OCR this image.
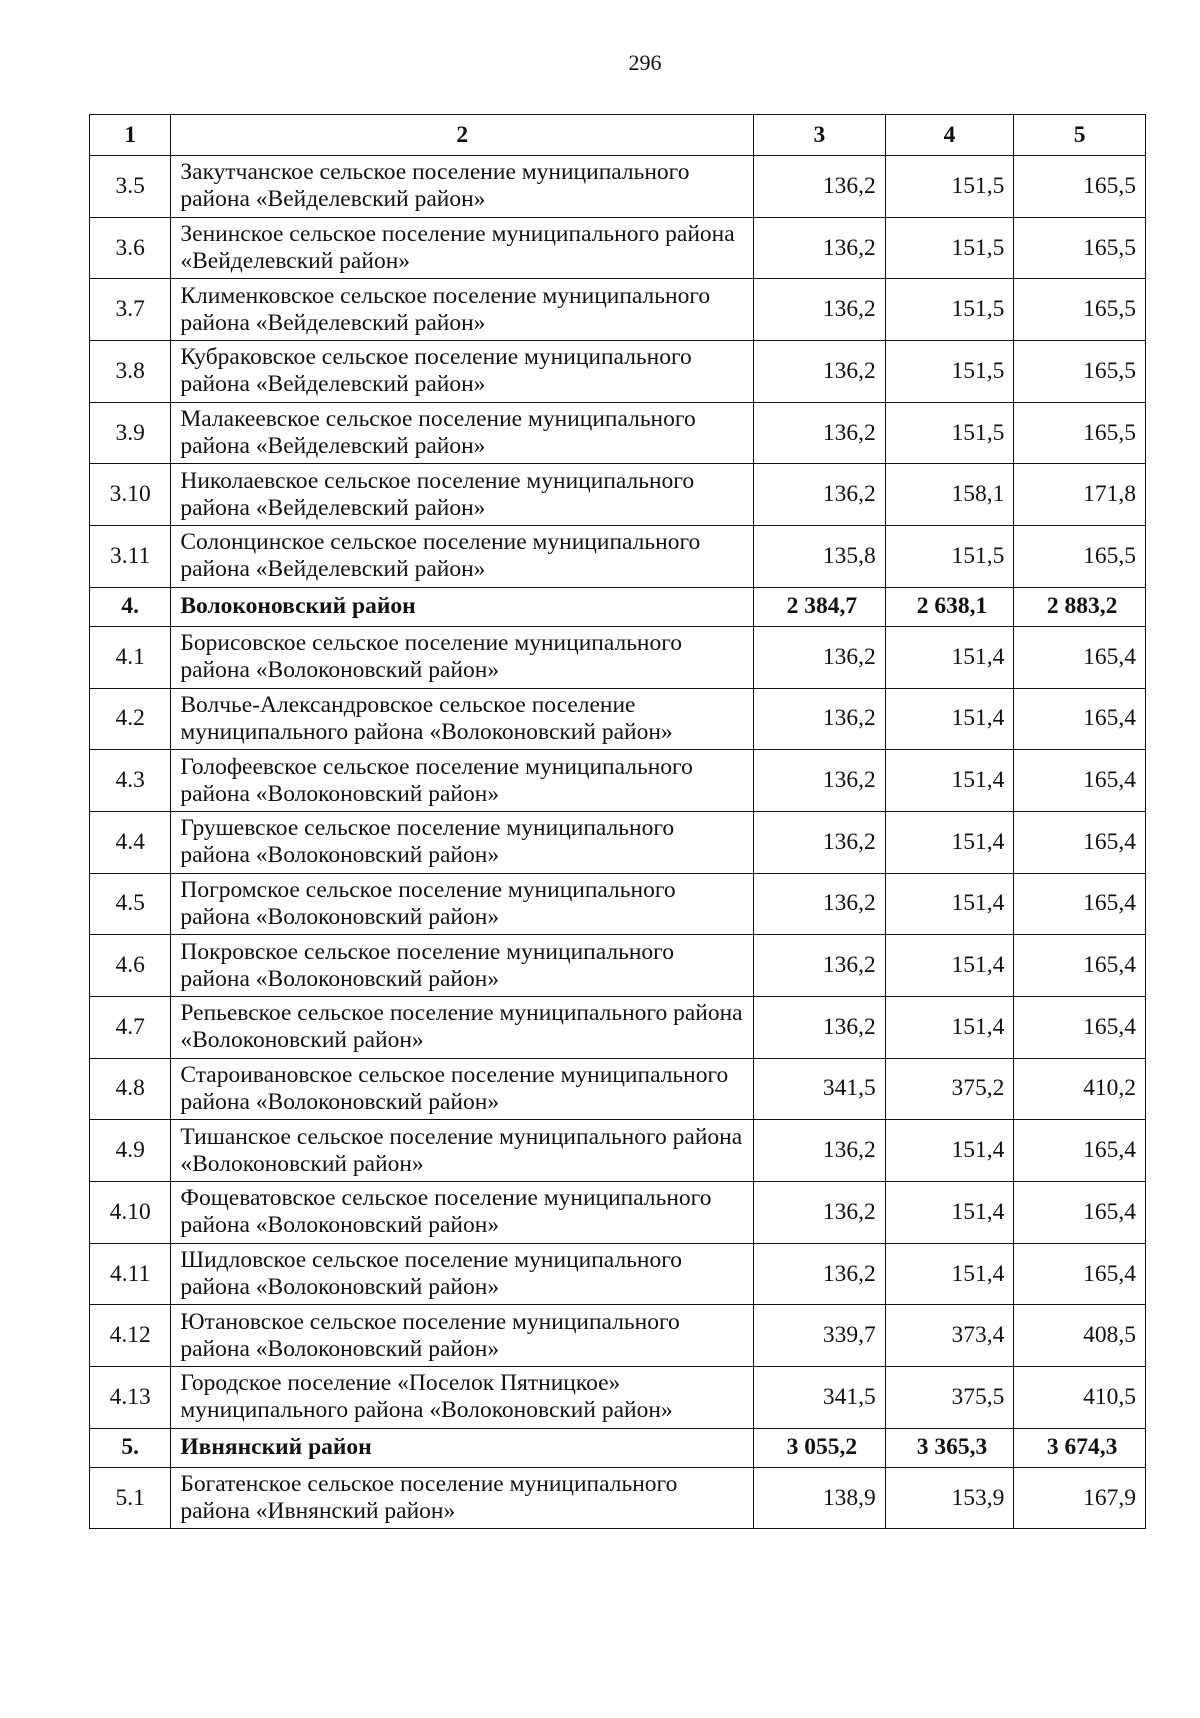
296
1	2	3	4	5
3.5	Закутчанское сельское поселение муниципального района «Вейделевский район»	136,2	151,5	165,5
3.6	Зенинское сельское поселение муниципального района «Вейделевский район»	136,2	151,5	165,5
3.7	Клименковское сельское поселение муниципального района «Вейделевский район»	136,2	151,5	165,5
3.8	Кубраковское сельское поселение муниципального района «Вейделевский район»	136,2	151,5	165,5
3.9	Малакеевское сельское поселение муниципального района «Вейделевский район»	136,2	151,5	165,5
3.10	Николаевское сельское поселение муниципального района «Вейделевский район»	136,2	158,1	171,8
3.11	Солонцинское сельское поселение муниципального района «Вейделевский район»	135,8	151,5	165,5
4.	Волоконовский район	2 384,7	2 638,1	2 883,2
4.1	Борисовское сельское поселение муниципального района «Волоконовский район»	136,2	151,4	165,4
4.2	Волчье-Александровское сельское поселение муниципального района «Волоконовский район»	136,2	151,4	165,4
4.3	Голофеевское сельское поселение муниципального района «Волоконовский район»	136,2	151,4	165,4
4.4	Грушевское сельское поселение муниципального района «Волоконовский район»	136,2	151,4	165,4
4.5	Погромское сельское поселение муниципального района «Волоконовский район»	136,2	151,4	165,4
4.6	Покровское сельское поселение муниципального района «Волоконовский район»	136,2	151,4	165,4
4.7	Репьевское сельское поселение муниципального района «Волоконовский район»	136,2	151,4	165,4
4.8	Староивановское сельское поселение муниципального района «Волоконовский район»	341,5	375,2	410,2
4.9	Тишанское сельское поселение муниципального района «Волоконовский район»	136,2	151,4	165,4
4.10	Фощеватовское сельское поселение муниципального района «Волоконовский район»	136,2	151,4	165,4
4.11	Шидловское сельское поселение муниципального района «Волоконовский район»	136,2	151,4	165,4
4.12	Ютановское сельское поселение муниципального района «Волоконовский район»	339,7	373,4	408,5
4.13	Городское поселение «Поселок Пятницкое» муниципального района «Волоконовский район»	341,5	375,5	410,5
5.	Ивнянский район	3 055,2	3 365,3	3 674,3
5.1	Богатенское сельское поселение муниципального района «Ивнянский район»	138,9	153,9	167,9
